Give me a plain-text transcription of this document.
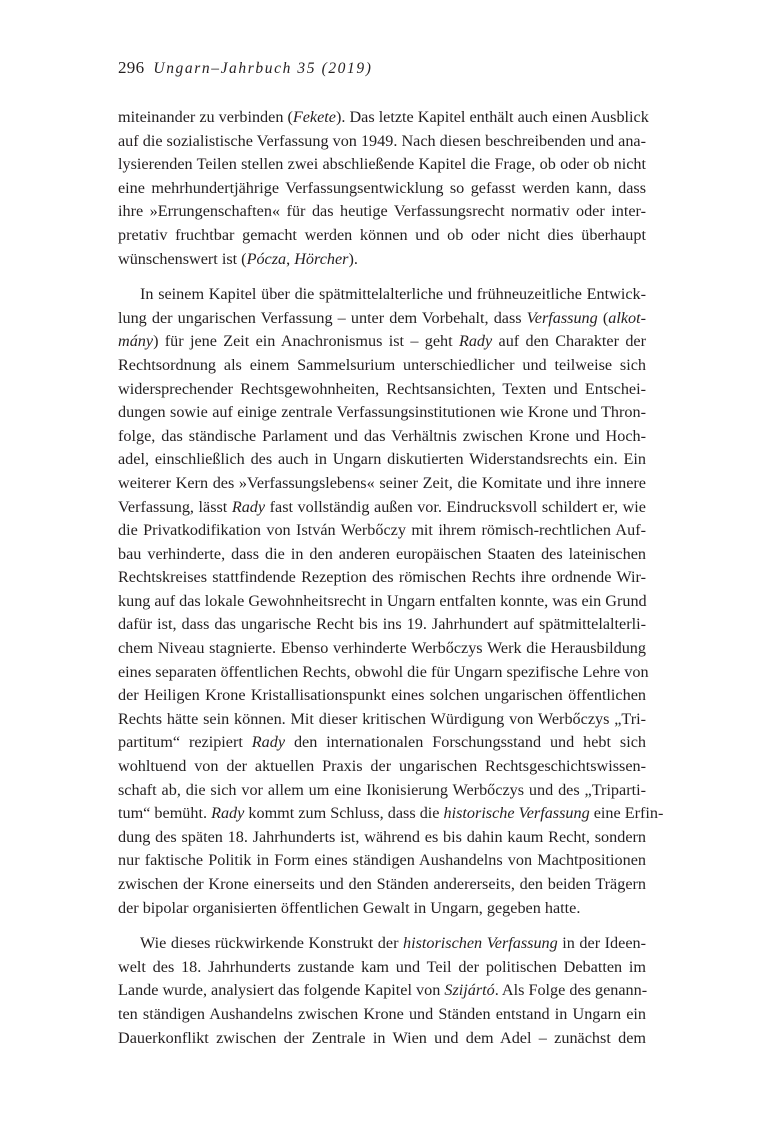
296 Ungarn–Jahrbuch 35 (2019)
miteinander zu verbinden (Fekete). Das letzte Kapitel enthält auch einen Ausblick
auf die sozialistische Verfassung von 1949. Nach diesen beschreibenden und ana-
lysierenden Teilen stellen zwei abschließende Kapitel die Frage, ob oder ob nicht
eine mehrhundertjährige Verfassungsentwicklung so gefasst werden kann, dass
ihre »Errungenschaften« für das heutige Verfassungsrecht normativ oder inter-
pretativ fruchtbar gemacht werden können und ob oder nicht dies überhaupt
wünschenswert ist (Pócza, Hörcher).
In seinem Kapitel über die spätmittelalterliche und frühneuzeitliche Entwick-
lung der ungarischen Verfassung – unter dem Vorbehalt, dass Verfassung (alkot-
mány) für jene Zeit ein Anachronismus ist – geht Rady auf den Charakter der
Rechtsordnung als einem Sammelsurium unterschiedlicher und teilweise sich
widersprechender Rechtsgewohnheiten, Rechtsansichten, Texten und Entschei-
dungen sowie auf einige zentrale Verfassungsinstitutionen wie Krone und Thron-
folge, das ständische Parlament und das Verhältnis zwischen Krone und Hoch-
adel, einschließlich des auch in Ungarn diskutierten Widerstandsrechts ein. Ein
weiterer Kern des »Verfassungslebens« seiner Zeit, die Komitate und ihre innere
Verfassung, lässt Rady fast vollständig außen vor. Eindrucksvoll schildert er, wie
die Privatkodifikation von István Werbőczy mit ihrem römisch-rechtlichen Auf-
bau verhinderte, dass die in den anderen europäischen Staaten des lateinischen
Rechtskreises stattfindende Rezeption des römischen Rechts ihre ordnende Wir-
kung auf das lokale Gewohnheitsrecht in Ungarn entfalten konnte, was ein Grund
dafür ist, dass das ungarische Recht bis ins 19. Jahrhundert auf spätmittelalterli-
chem Niveau stagnierte. Ebenso verhinderte Werbőczys Werk die Herausbildung
eines separaten öffentlichen Rechts, obwohl die für Ungarn spezifische Lehre von
der Heiligen Krone Kristallisationspunkt eines solchen ungarischen öffentlichen
Rechts hätte sein können. Mit dieser kritischen Würdigung von Werbőczys „Tri-
partitum“ rezipiert Rady den internationalen Forschungsstand und hebt sich
wohltuend von der aktuellen Praxis der ungarischen Rechtsgeschichtswissen-
schaft ab, die sich vor allem um eine Ikonisierung Werbőczys und des „Triparti-
tum“ bemüht. Rady kommt zum Schluss, dass die historische Verfassung eine Erfin-
dung des späten 18. Jahrhunderts ist, während es bis dahin kaum Recht, sondern
nur faktische Politik in Form eines ständigen Aushandelns von Machtpositionen
zwischen der Krone einerseits und den Ständen andererseits, den beiden Trägern
der bipolar organisierten öffentlichen Gewalt in Ungarn, gegeben hatte.
Wie dieses rückwirkende Konstrukt der historischen Verfassung in der Ideen-
welt des 18. Jahrhunderts zustande kam und Teil der politischen Debatten im
Lande wurde, analysiert das folgende Kapitel von Szijártó. Als Folge des genann-
ten ständigen Aushandelns zwischen Krone und Ständen entstand in Ungarn ein
Dauerkonflikt zwischen der Zentrale in Wien und dem Adel – zunächst dem
